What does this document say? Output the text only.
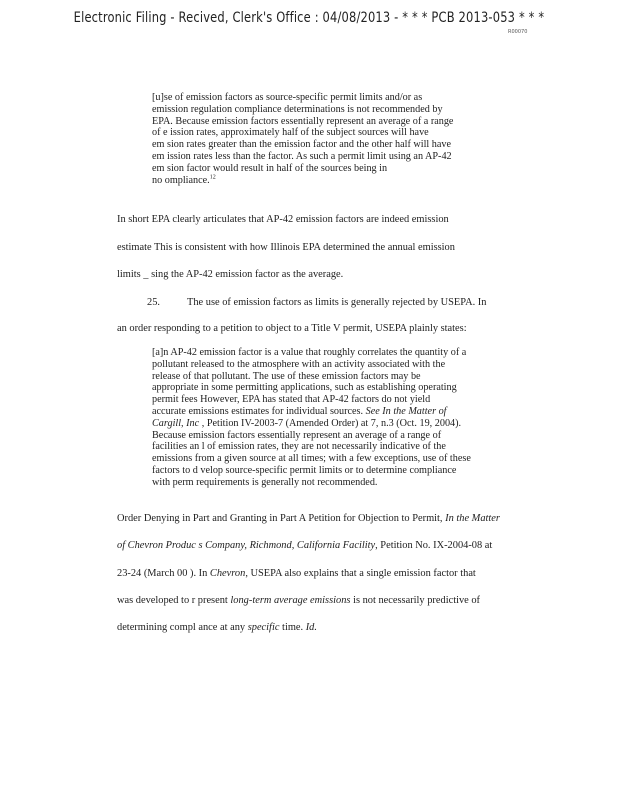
Electronic Filing - Recived, Clerk's Office : 04/08/2013 - * * * PCB 2013-053 * * *
R00070
[u]se of emission factors as source-specific permit limits and/or as
emission regulation compliance determinations is not recommended by
EPA. Because emission factors essentially represent an average of a range
of e ission rates, approximately half of the subject sources will have
em sion rates greater than the emission factor and the other half will have
em ission rates less than the factor. As such a permit limit using an AP-42
em sion factor would result in half of the sources being in
no ompliance.$^{12}$
In short EPA clearly articulates that AP-42 emission factors are indeed emission
estimate This is consistent with how Illinois EPA determined the annual emission
limits _ sing the AP-42 emission factor as the average.
25.	The use of emission factors as limits is generally rejected by USEPA. In
an order responding to a petition to object to a Title V permit, USEPA plainly states:
[a]n AP-42 emission factor is a value that roughly correlates the quantity of a
pollutant released to the atmosphere with an activity associated with the
release of that pollutant. The use of these emission factors may be
appropriate in some permitting applications, such as establishing operating
permit fees However, EPA has stated that AP-42 factors do not yield
accurate emissions estimates for individual sources. See In the Matter of
Cargill, Inc , Petition IV-2003-7 (Amended Order) at 7, n.3 (Oct. 19, 2004).
Because emission factors essentially represent an average of a range of
facilities an l of emission rates, they are not necessarily indicative of the
emissions from a given source at all times; with a few exceptions, use of these
factors to d velop source-specific permit limits or to determine compliance
with perm requirements is generally not recommended.
Order Denying in Part and Granting in Part A Petition for Objection to Permit, In the Matter
of Chevron Produc s Company, Richmond, California Facility, Petition No. IX-2004-08 at
23-24 (March 00 ). In Chevron, USEPA also explains that a single emission factor that
was developed to r present long-term average emissions is not necessarily predictive of
determining compl ance at any specific time. Id.
